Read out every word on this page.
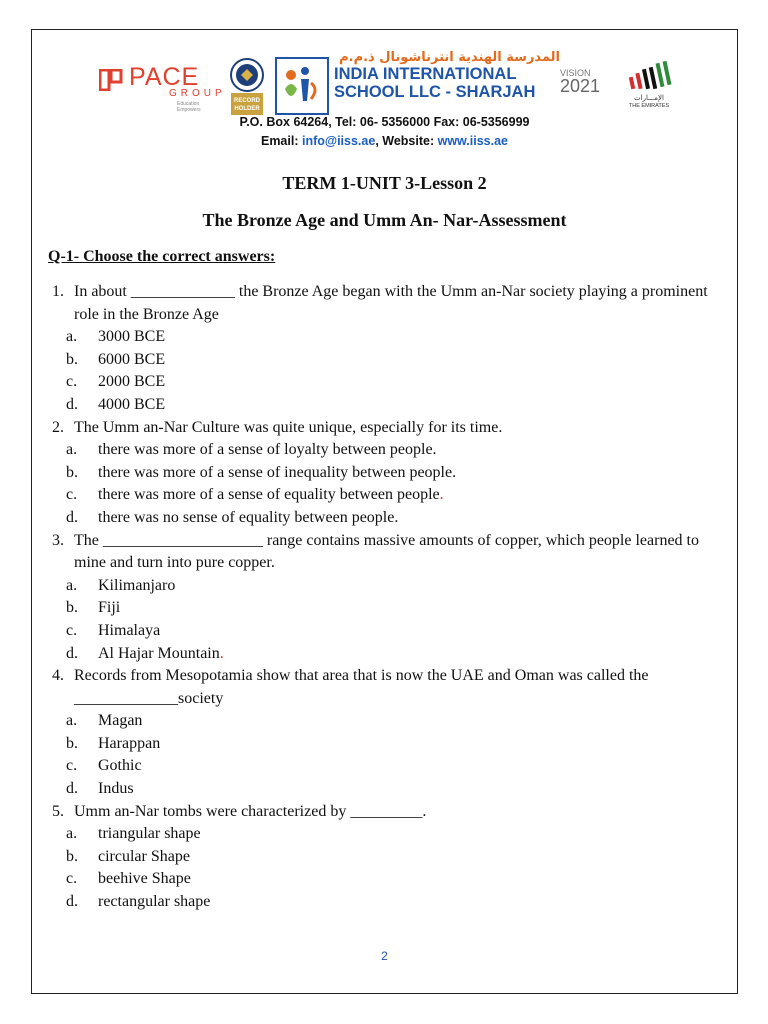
PACE
GROUP
Education Empowers
RECORD
HOLDER
المدرسة الهندية انترناشونال ذ.م.م
INDIA INTERNATIONAL
SCHOOL LLC - SHARJAH
VISION
2021
الإمـــارات
THE EMIRATES
P.O. Box 64264, Tel: 06- 5356000 Fax: 06-5356999
Email: info@iiss.ae, Website: www.iiss.ae
TERM 1-UNIT 3-Lesson 2
The Bronze Age and Umm An- Nar-Assessment
Q-1- Choose the correct answers:
1. In about _____________ the Bronze Age began with the Umm an-Nar society playing a prominent role in the Bronze Age
a.	3000 BCE
b.	6000 BCE
c.	2000 BCE
d.	4000 BCE
2. The Umm an-Nar Culture was quite unique, especially for its time.
a.	there was more of a sense of loyalty between people.
b.	there was more of a sense of inequality between people.
c.	there was more of a sense of equality between people.
d.	there was no sense of equality between people.
3. The ____________________ range contains massive amounts of copper, which people learned to mine and turn into pure copper.
a.	Kilimanjaro
b.	Fiji
c.	Himalaya
d.	Al Hajar Mountain.
4. Records from Mesopotamia show that area that is now the UAE and Oman was called the _____________society
a.	Magan
b.	Harappan
c.	Gothic
d.	Indus
5. Umm an-Nar tombs were characterized by _________.
a.	triangular shape
b.	circular Shape
c.	beehive Shape
d.	rectangular shape
2
